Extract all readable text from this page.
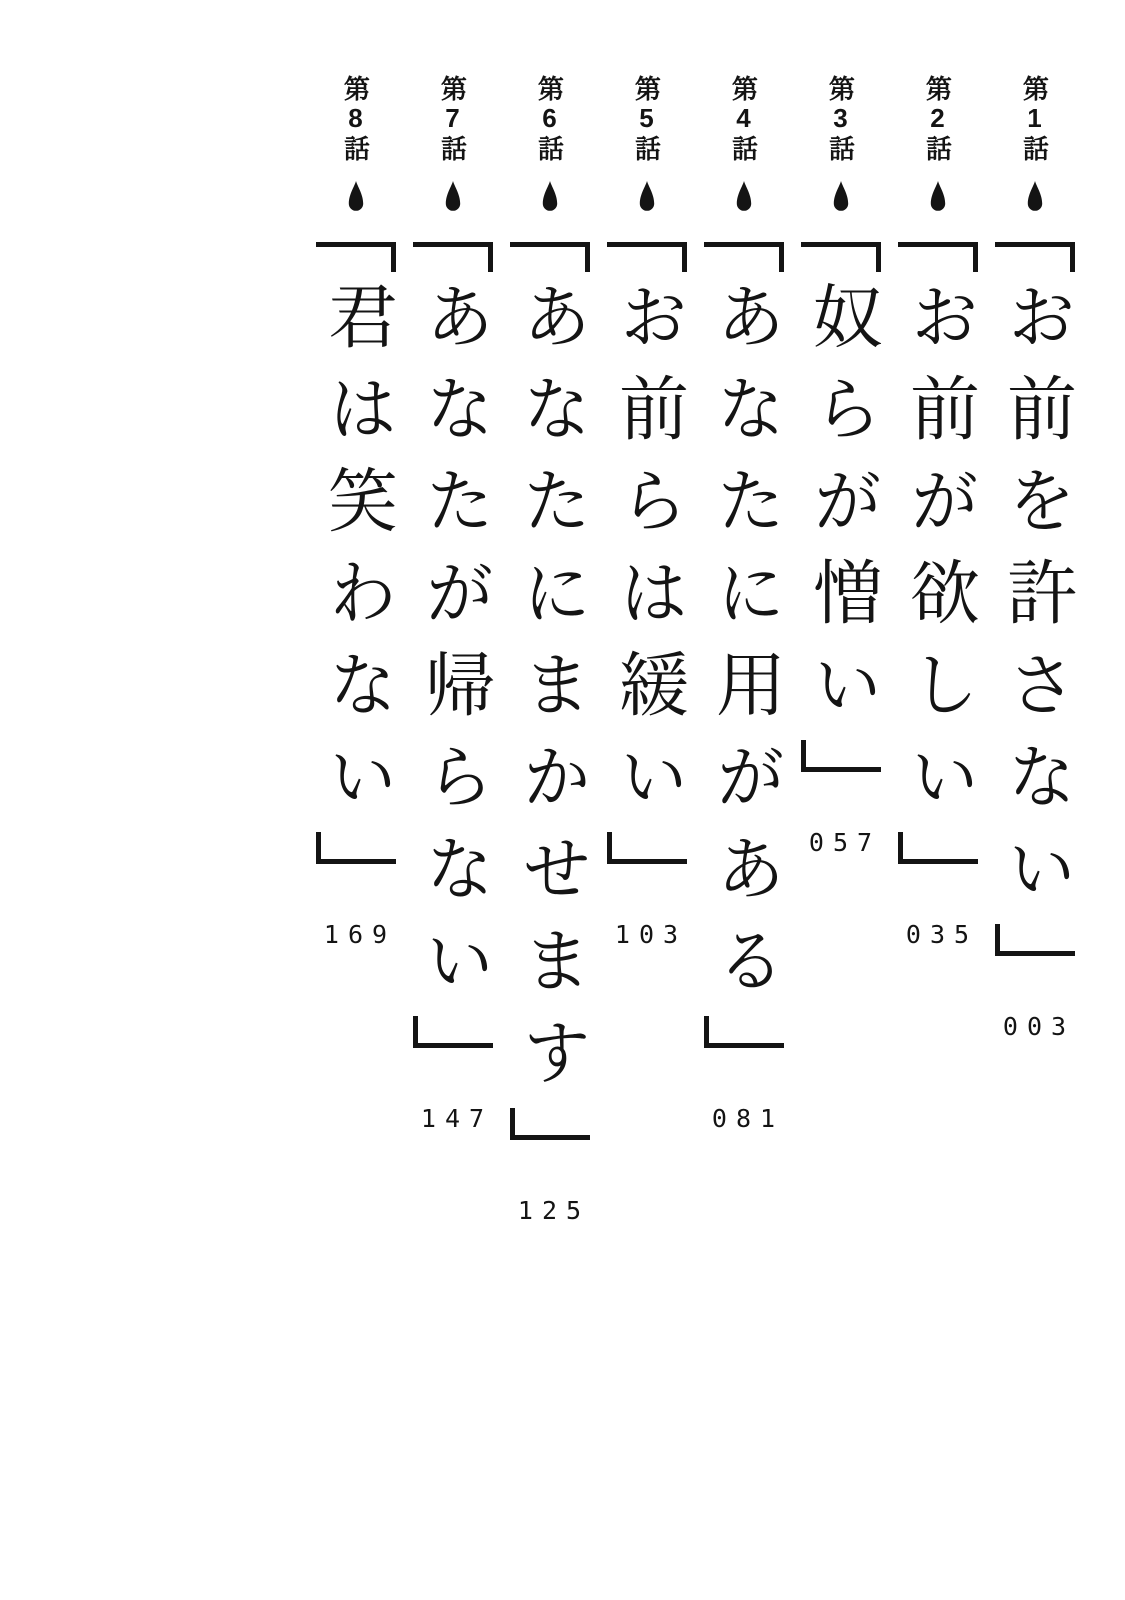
第1話
お前を許さない
003
第2話
お前が欲しい
035
第3話
奴らが憎い
057
第4話
あなたに用がある
081
第5話
お前らは緩い
103
第6話
あなたにまかせます
125
第7話
あなたが帰らない
147
第8話
君は笑わない
169
